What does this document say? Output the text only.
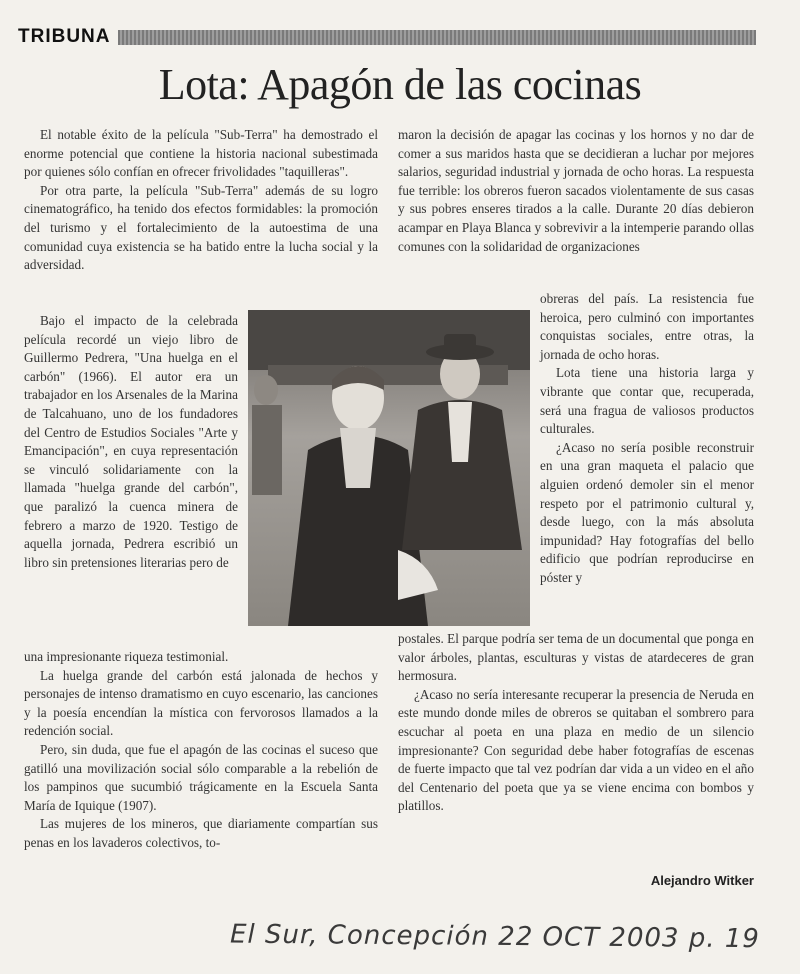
TRIBUNA
Lota: Apagón de las cocinas

El notable éxito de la película "Sub-Terra" ha demostrado el enorme potencial que contiene la historia nacional subestimada por quienes sólo confían en ofrecer frivolidades "taquilleras".

Por otra parte, la película "Sub-Terra" además de su logro cinematográfico, ha tenido dos efectos formidables: la promoción del turismo y el fortalecimiento de la autoestima de una comunidad cuya existencia se ha batido entre la lucha social y la adversidad.

Bajo el impacto de la celebrada película recordé un viejo libro de Guillermo Pedrera, "Una huelga en el carbón" (1966). El autor era un trabajador en los Arsenales de la Marina de Talcahuano, uno de los fundadores del Centro de Estudios Sociales "Arte y Emancipación", en cuya representación se vinculó solidariamente con la llamada "huelga grande del carbón", que paralizó la cuenca minera de febrero a marzo de 1920. Testigo de aquella jornada, Pedrera escribió un libro sin pretensiones literarias pero de

una impresionante riqueza testimonial.

La huelga grande del carbón está jalonada de hechos y personajes de intenso dramatismo en cuyo escenario, las canciones y la poesía encendían la mística con fervorosos llamados a la redención social.

Pero, sin duda, que fue el apagón de las cocinas el suceso que gatilló una movilización social sólo comparable a la rebelión de los pampinos que sucumbió trágicamente en la Escuela Santa María de Iquique (1907).

Las mujeres de los mineros, que diariamente compartían sus penas en los lavaderos colectivos, to-

maron la decisión de apagar las cocinas y los hornos y no dar de comer a sus maridos hasta que se decidieran a luchar por mejores salarios, seguridad industrial y jornada de ocho horas. La respuesta fue terrible: los obreros fueron sacados violentamente de sus casas y sus pobres enseres tirados a la calle. Durante 20 días debieron acampar en Playa Blanca y sobrevivir a la intemperie parando ollas comunes con la solidaridad de organizaciones

obreras del país. La resistencia fue heroica, pero culminó con importantes conquistas sociales, entre otras, la jornada de ocho horas.

Lota tiene una historia larga y vibrante que contar que, recuperada, será una fragua de valiosos productos culturales.

¿Acaso no sería posible reconstruir en una gran maqueta el palacio que alguien ordenó demoler sin el menor respeto por el patrimonio cultural y, desde luego, con la más absoluta impunidad? Hay fotografías del bello edificio que podrían reproducirse en póster y

postales. El parque podría ser tema de un documental que ponga en valor árboles, plantas, esculturas y vistas de atardeceres de gran hermosura.

¿Acaso no sería interesante recuperar la presencia de Neruda en este mundo donde miles de obreros se quitaban el sombrero para escuchar al poeta en una plaza en medio de un silencio impresionante? Con seguridad debe haber fotografías de escenas de fuerte impacto que tal vez podrían dar vida a un video en el año del Centenario del poeta que ya se viene encima con bombos y platillos.

Alejandro Witker
El Sur, Concepción 22 OCT 2003 p. 19
